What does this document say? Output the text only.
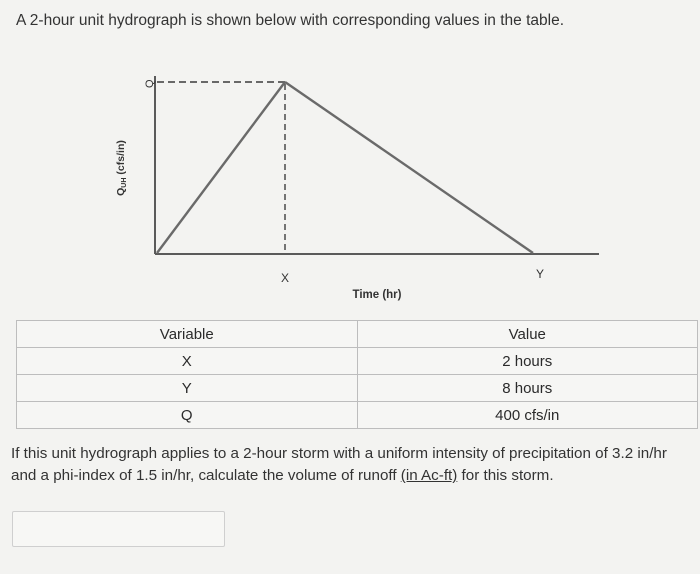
A 2-hour unit hydrograph is shown below with corresponding values in the table.
Q
QUH(cfs/in)
X	Y
Time (hr)
Variable	Value
X	2 hours
Y	8 hours
Q	400 cfs/in
If this unit hydrograph applies to a 2-hour storm with a uniform intensity of precipitation of 3.2 in/hr and a phi-index of 1.5 in/hr, calculate the volume of runoff (in Ac-ft) for this storm.
